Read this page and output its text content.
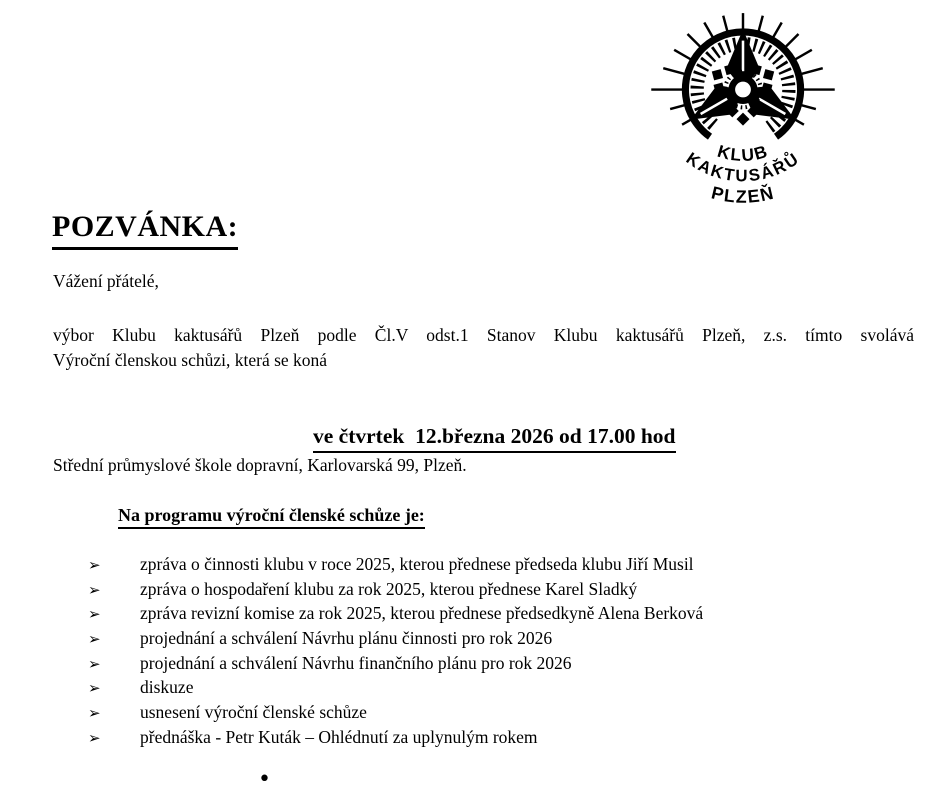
KLUB
KAKTUSÁŘŮ
PLZEŇ
POZVÁNKA:
Vážení přátelé,
výbor Klubu kaktusářů Plzeň podle Čl.V odst.1 Stanov Klubu kaktusářů Plzeň, z.s. tímto svolává
Výroční členskou schůzi, která se koná

ve čtvrtek  12.března 2026 od 17.00 hod

Střední průmyslové škole dopravní, Karlovarská 99, Plzeň.
Na programu výroční členské schůze je:
➢	zpráva o činnosti klubu v roce 2025, kterou přednese předseda klubu Jiří Musil
➢	zpráva o hospodaření klubu za rok 2025, kterou přednese Karel Sladký
➢	zpráva revizní komise za rok 2025, kterou přednese předsedkyně Alena Berková
➢	projednání a schválení Návrhu plánu činnosti pro rok 2026
➢	projednání a schválení Návrhu finančního plánu pro rok 2026
➢	diskuze
➢	usnesení výroční členské schůze
➢	přednáška - Petr Kuták – Ohlédnutí za uplynulým rokem
•
